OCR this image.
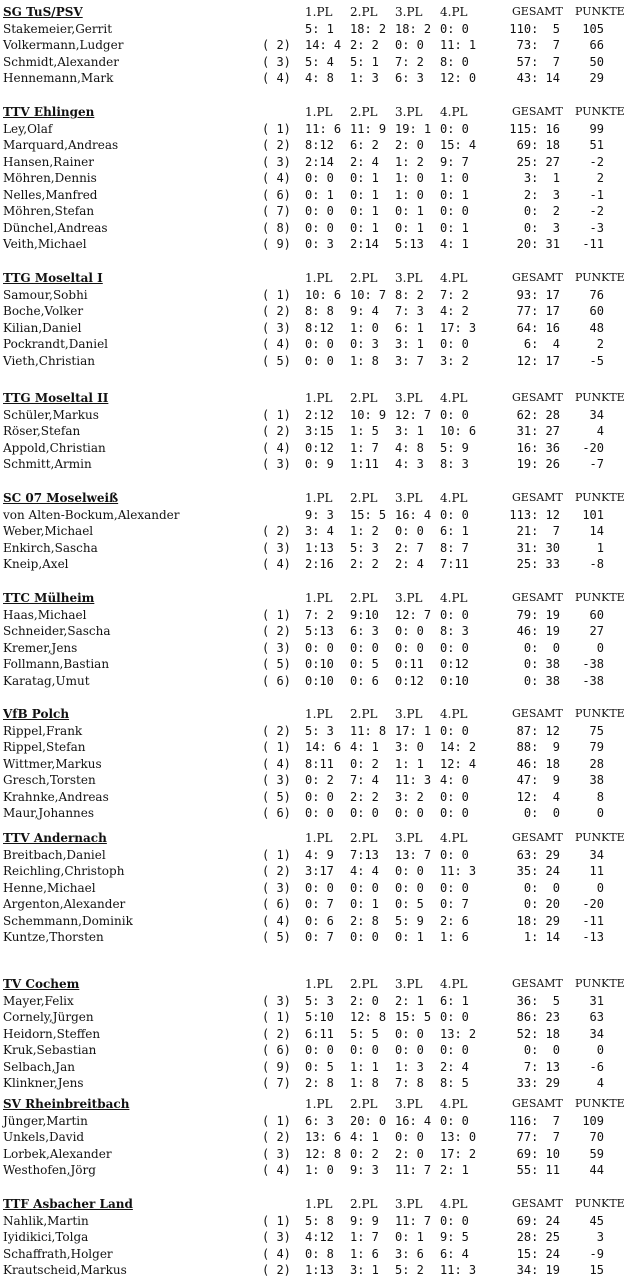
SG TuS/PSV	1.PL 2.PL 3.PL 4.PL	GESAMT PUNKTE
Stakemeier,Gerrit	5: 1 18: 2 18: 2 0: 0	110:  5 105
Volkermann,Ludger	( 2) 14: 4 2: 2 0: 0 11: 1	73:  7 66
Schmidt,Alexander	( 3) 5: 4 5: 1 7: 2 8: 0	57:  7 50
Hennemann,Mark	( 4) 4: 8 1: 3 6: 3 12: 0	43: 14 29
TTV Ehlingen	1.PL 2.PL 3.PL 4.PL	GESAMT PUNKTE
Ley,Olaf	( 1) 11: 6 11: 9 19: 1 0: 0	115: 16 99
Marquard,Andreas	( 2) 8:12 6: 2 2: 0 15: 4	69: 18 51
Hansen,Rainer	( 3) 2:14 2: 4 1: 2 9: 7	25: 27 -2
Möhren,Dennis	( 4) 0: 0 0: 1 1: 0 1: 0	3:  1	2
Nelles,Manfred	( 6) 0: 1 0: 1 1: 0 0: 1	2:  3 -1
Möhren,Stefan	( 7) 0: 0 0: 1 0: 1 0: 0	0:  2 -2
Dünchel,Andreas	( 8) 0: 0 0: 1 0: 1 0: 1	0:  3 -3
Veith,Michael	( 9) 0: 3 2:14 5:13 4: 1	20: 31 -11
TTG Moseltal I	1.PL 2.PL 3.PL 4.PL	GESAMT PUNKTE
Samour,Sobhi	( 1) 10: 6 10: 7 8: 2 7: 2	93: 17 76
Boche,Volker	( 2) 8: 8 9: 4 7: 3 4: 2	77: 17 60
Kilian,Daniel	( 3) 8:12 1: 0 6: 1 17: 3	64: 16 48
Pockrandt,Daniel	( 4) 0: 0 0: 3 3: 1 0: 0	6:  4	2
Vieth,Christian	( 5) 0: 0 1: 8 3: 7 3: 2	12: 17 -5
TTG Moseltal II	1.PL 2.PL 3.PL 4.PL	GESAMT PUNKTE
Schüler,Markus	( 1) 2:12 10: 9 12: 7 0: 0	62: 28 34
Röser,Stefan	( 2) 3:15 1: 5 3: 1 10: 6	31: 27	4
Appold,Christian	( 4) 0:12 1: 7 4: 8 5: 9	16: 36 -20
Schmitt,Armin	( 3) 0: 9 1:11 4: 3 8: 3	19: 26 -7
SC 07 Moselweiß	1.PL 2.PL 3.PL 4.PL	GESAMT PUNKTE
von Alten-Bockum,Alexander	9: 3 15: 5 16: 4 0: 0	113: 12 101
Weber,Michael	( 2) 3: 4 1: 2 0: 0 6: 1	21:  7 14
Enkirch,Sascha	( 3) 1:13 5: 3 2: 7 8: 7	31: 30	1
Kneip,Axel	( 4) 2:16 2: 2 2: 4 7:11	25: 33 -8
TTC Mülheim	1.PL 2.PL 3.PL 4.PL	GESAMT PUNKTE
Haas,Michael	( 1) 7: 2 9:10 12: 7 0: 0	79: 19 60
Schneider,Sascha	( 2) 5:13 6: 3 0: 0 8: 3	46: 19 27
Kremer,Jens	( 3) 0: 0 0: 0 0: 0 0: 0	0:  0	0
Follmann,Bastian	( 5) 0:10 0: 5 0:11 0:12	0: 38 -38
Karatag,Umut	( 6) 0:10 0: 6 0:12 0:10	0: 38 -38
VfB Polch	1.PL 2.PL 3.PL 4.PL	GESAMT PUNKTE
Rippel,Frank	( 2) 5: 3 11: 8 17: 1 0: 0	87: 12 75
Rippel,Stefan	( 1) 14: 6 4: 1 3: 0 14: 2	88:  9 79
Wittmer,Markus	( 4) 8:11 0: 2 1: 1 12: 4	46: 18 28
Gresch,Torsten	( 3) 0: 2 7: 4 11: 3 4: 0	47:  9 38
Krahnke,Andreas	( 5) 0: 0 2: 2 3: 2 0: 0	12:  4	8
Maur,Johannes	( 6) 0: 0 0: 0 0: 0 0: 0	0:  0	0
TTV Andernach	1.PL 2.PL 3.PL 4.PL	GESAMT PUNKTE
Breitbach,Daniel	( 1) 4: 9 7:13 13: 7 0: 0	63: 29 34
Reichling,Christoph	( 2) 3:17 4: 4 0: 0 11: 3	35: 24 11
Henne,Michael	( 3) 0: 0 0: 0 0: 0 0: 0	0:  0	0
Argenton,Alexander	( 6) 0: 7 0: 1 0: 5 0: 7	0: 20 -20
Schemmann,Dominik	( 4) 0: 6 2: 8 5: 9 2: 6	18: 29 -11
Kuntze,Thorsten	( 5) 0: 7 0: 0 0: 1 1: 6	1: 14 -13
TV Cochem	1.PL 2.PL 3.PL 4.PL	GESAMT PUNKTE
Mayer,Felix	( 3) 5: 3 2: 0 2: 1 6: 1	36:  5 31
Cornely,Jürgen	( 1) 5:10 12: 8 15: 5 0: 0	86: 23 63
Heidorn,Steffen	( 2) 6:11 5: 5 0: 0 13: 2	52: 18 34
Kruk,Sebastian	( 6) 0: 0 0: 0 0: 0 0: 0	0:  0	0
Selbach,Jan	( 9) 0: 5 1: 1 1: 3 2: 4	7: 13 -6
Klinkner,Jens	( 7) 2: 8 1: 8 7: 8 8: 5	33: 29	4
SV Rheinbreitbach	1.PL 2.PL 3.PL 4.PL	GESAMT PUNKTE
Jünger,Martin	( 1) 6: 3 20: 0 16: 4 0: 0	116:  7 109
Unkels,David	( 2) 13: 6 4: 1 0: 0 13: 0	77:  7 70
Lorbek,Alexander	( 3) 12: 8 0: 2 2: 0 17: 2	69: 10 59
Westhofen,Jörg	( 4) 1: 0 9: 3 11: 7 2: 1	55: 11 44
TTF Asbacher Land	1.PL 2.PL 3.PL 4.PL	GESAMT PUNKTE
Nahlik,Martin	( 1) 5: 8 9: 9 11: 7 0: 0	69: 24 45
Iyidikici,Tolga	( 3) 4:12 1: 7 0: 1 9: 5	28: 25	3
Schaffrath,Holger	( 4) 0: 8 1: 6 3: 6 6: 4	15: 24 -9
Krautscheid,Markus	( 2) 1:13 3: 1 5: 2 11: 3	34: 19 15
